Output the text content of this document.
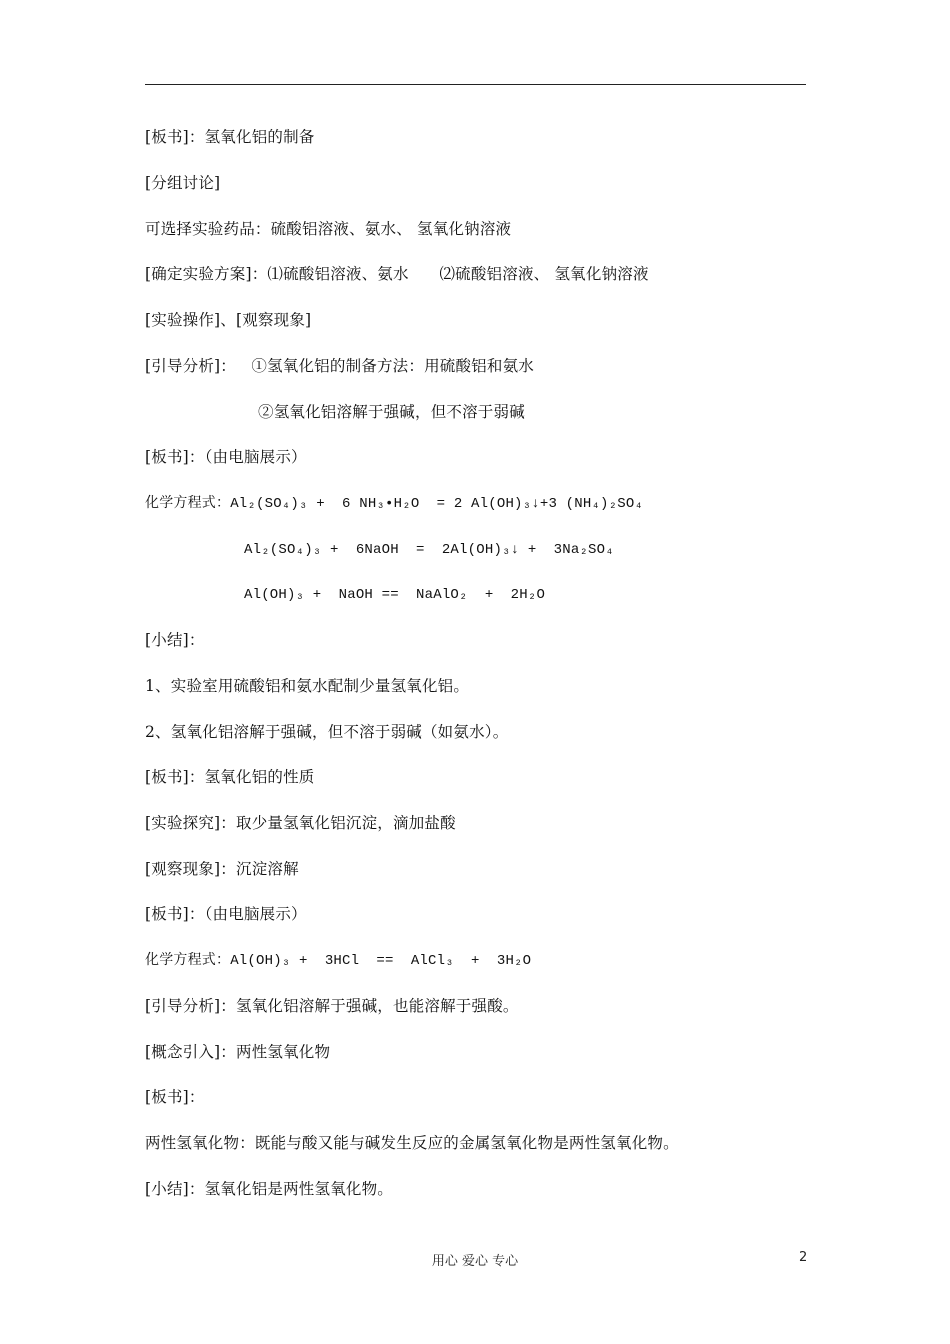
[板书]：氢氧化铝的制备
[分组讨论]
可选择实验药品：硫酸铝溶液、氨水、 氢氧化钠溶液
[确定实验方案]：⑴硫酸铝溶液、氨水      ⑵硫酸铝溶液、 氢氧化钠溶液
[实验操作]、[观察现象]
[引导分析]：   ①氢氧化铝的制备方法：用硫酸铝和氨水
②氢氧化铝溶解于强碱，但不溶于弱碱
[板书]：（由电脑展示）
化学方程式：Al₂(SO₄)₃ +  6 NH₃•H₂O  = 2 Al(OH)₃↓+3 (NH₄)₂SO₄
Al₂(SO₄)₃ +  6NaOH  =  2Al(OH)₃↓ +  3Na₂SO₄
Al(OH)₃ +  NaOH ==  NaAlO₂  +  2H₂O
[小结]：
1、实验室用硫酸铝和氨水配制少量氢氧化铝。
2、氢氧化铝溶解于强碱，但不溶于弱碱（如氨水）。
[板书]：氢氧化铝的性质
[实验探究]：取少量氢氧化铝沉淀，滴加盐酸
[观察现象]：沉淀溶解
[板书]：（由电脑展示）
化学方程式：Al(OH)₃ +  3HCl  ==  AlCl₃  +  3H₂O
[引导分析]：氢氧化铝溶解于强碱，也能溶解于强酸。
[概念引入]：两性氢氧化物
[板书]：
两性氢氧化物：既能与酸又能与碱发生反应的金属氢氧化物是两性氢氧化物。
[小结]：氢氧化铝是两性氢氧化物。
用心 爱心 专心	2
